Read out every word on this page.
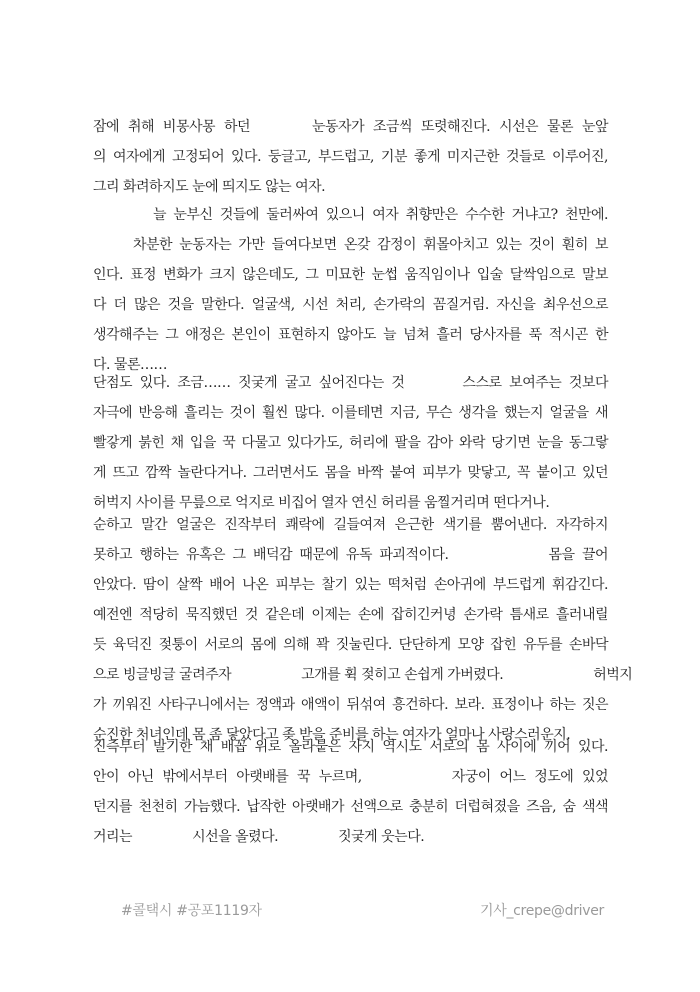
잠에 취해 비몽사몽 하던	눈동자가 조금씩 또렷해진다. 시선은 물론 눈앞
의 여자에게 고정되어 있다. 둥글고, 부드럽고, 기분 좋게 미지근한 것들로 이루어진,
그리 화려하지도 눈에 띄지도 않는 여자.
늘 눈부신 것들에 둘러싸여 있으니 여자 취향만은 수수한 거냐고? 천만에.
차분한 눈동자는 가만 들여다보면 온갖 감정이 휘몰아치고 있는 것이 훤히 보
인다. 표정 변화가 크지 않은데도, 그 미묘한 눈썹 움직임이나 입술 달싹임으로 말보
다 더 많은 것을 말한다. 얼굴색, 시선 처리, 손가락의 꼼질거림. 자신을 최우선으로
생각해주는 그 애정은 본인이 표현하지 않아도 늘 넘쳐 흘러 당사자를 푹 적시곤 한
다. 물론……
단점도 있다. 조금…… 짓궂게 굴고 싶어진다는 것	스스로 보여주는 것보다
자극에 반응해 흘리는 것이 훨씬 많다. 이를테면 지금, 무슨 생각을 했는지 얼굴을 새
빨갛게 붉힌 채 입을 꾹 다물고 있다가도, 허리에 팔을 감아 와락 당기면 눈을 동그랗
게 뜨고 깜짝 놀란다거나. 그러면서도 몸을 바짝 붙여 피부가 맞닿고, 꼭 붙이고 있던
허벅지 사이를 무릎으로 억지로 비집어 열자 연신 허리를 움찔거리며 떤다거나.
순하고 말간 얼굴은 진작부터 쾌락에 길들여져 은근한 색기를 뿜어낸다. 자각하지
못하고 행하는 유혹은 그 배덕감 때문에 유독 파괴적이다.	몸을 끌어
안았다. 땀이 살짝 배어 나온 피부는 찰기 있는 떡처럼 손아귀에 부드럽게 휘감긴다.
예전엔 적당히 묵직했던 것 같은데 이제는 손에 잡히긴커녕 손가락 틈새로 흘러내릴
듯 육덕진 젖퉁이 서로의 몸에 의해 꽉 짓눌린다. 단단하게 모양 잡힌 유두를 손바닥
으로 빙글빙글 굴려주자	고개를 휙 젖히고 손쉽게 가버렸다.	허벅지
가 끼워진 사타구니에서는 정액과 애액이 뒤섞여 흥건하다. 보라. 표정이나 하는 짓은
순진한 처녀인데 몸 좀 닿았다고 좆 받을 준비를 하는 여자가 얼마나 사랑스러운지.
진즉부터 발기한 채 배꼽 위로 올라붙은 자지 역시도 서로의 몸 사이에 끼어 있다.
안이 아닌 밖에서부터 아랫배를 꾹 누르며,	자궁이 어느 정도에 있었
던지를 천천히 가늠했다. 납작한 아랫배가 선액으로 충분히 더럽혀졌을 즈음, 숨 색색
거리는	시선을 올렸다.	짓궂게 웃는다.
#콜택시 #공포1119자	기사_crepe@driver
